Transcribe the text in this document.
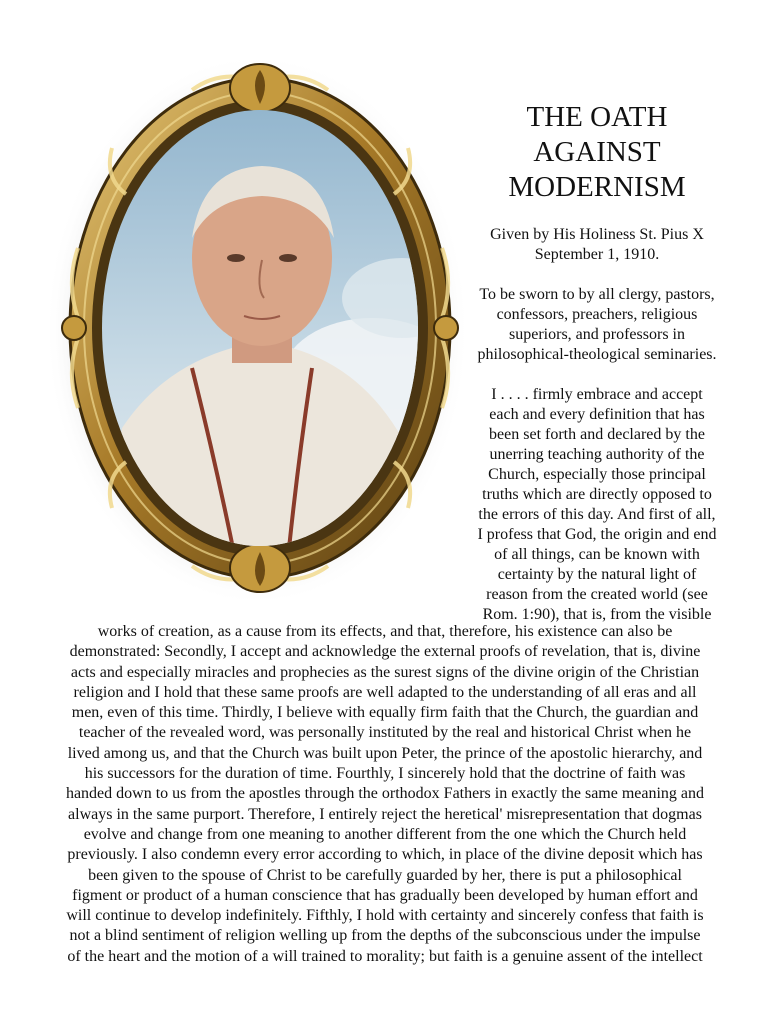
THE OATH
AGAINST
MODERNISM
Given by His Holiness St. Pius X
September 1, 1910.
To be sworn to by all clergy, pastors, confessors, preachers, religious superiors, and professors in philosophical-theological seminaries.
I . . . . firmly embrace and accept
each and every definition that has
been set forth and declared by the
unerring teaching authority of the
Church, especially those principal
truths which are directly opposed to
the errors of this day. And first of all,
I profess that God, the origin and end
of all things, can be known with
certainty by the natural light of
reason from the created world (see
Rom. 1:90), that is, from the visible
works of creation, as a cause from its effects, and that, therefore, his existence can also be
demonstrated: Secondly, I accept and acknowledge the external proofs of revelation, that is, divine
acts and especially miracles and prophecies as the surest signs of the divine origin of the Christian
religion and I hold that these same proofs are well adapted to the understanding of all eras and all
men, even of this time. Thirdly, I believe with equally firm faith that the Church, the guardian and
teacher of the revealed word, was personally instituted by the real and historical Christ when he
lived among us, and that the Church was built upon Peter, the prince of the apostolic hierarchy, and
his successors for the duration of time. Fourthly, I sincerely hold that the doctrine of faith was
handed down to us from the apostles through the orthodox Fathers in exactly the same meaning and
always in the same purport. Therefore, I entirely reject the heretical' misrepresentation that dogmas
evolve and change from one meaning to another different from the one which the Church held
previously. I also condemn every error according to which, in place of the divine deposit which has
been given to the spouse of Christ to be carefully guarded by her, there is put a philosophical
figment or product of a human conscience that has gradually been developed by human effort and
will continue to develop indefinitely. Fifthly, I hold with certainty and sincerely confess that faith is
not a blind sentiment of religion welling up from the depths of the subconscious under the impulse
of the heart and the motion of a will trained to morality; but faith is a genuine assent of the intellect
